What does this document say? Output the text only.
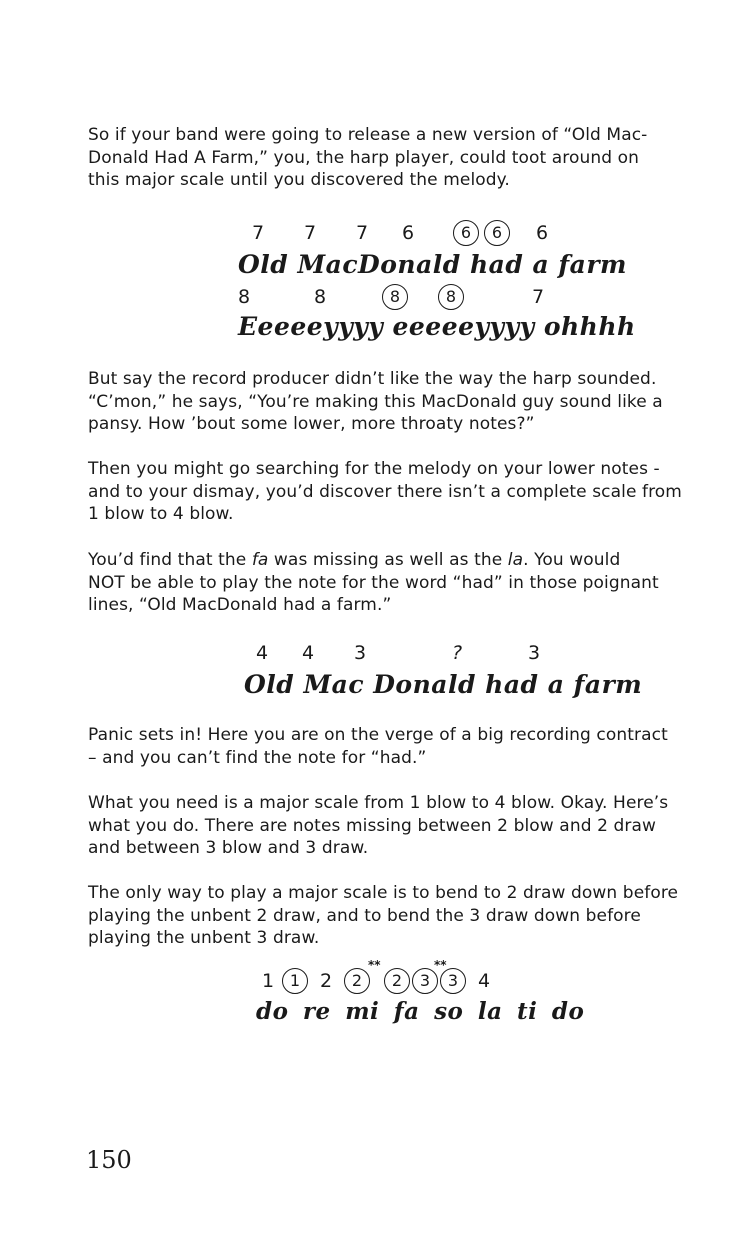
So if your band were going to release a new version of “Old Mac-
Donald Had A Farm,” you, the harp player, could toot around on
this major scale until you discovered the melody.
7 7 7 6	6	6	6
Old MacDonald had a farm
8	8	8	8	7
Eeeeeyyyy eeeeeyyyy ohhhh
But say the record producer didn’t like the way the harp sounded.
“C’mon,” he says, “You’re making this MacDonald guy sound like a
pansy. How ’bout some lower, more throaty notes?”
Then you might go searching for the melody on your lower notes -
and to your dismay, you’d discover there isn’t a complete scale from
1 blow to 4 blow.
You’d find that the fa was missing as well as the la. You would
NOT be able to play the note for the word “had” in those poignant
lines, “Old MacDonald had a farm.”
4 4 3	?	3
Old Mac Donald had a farm
Panic sets in! Here you are on the verge of a big recording contract
– and you can’t find the note for “had.”
What you need is a major scale from 1 blow to 4 blow. Okay. Here’s
what you do. There are notes missing between 2 blow and 2 draw
and between 3 blow and 3 draw.
The only way to play a major scale is to bend to 2 draw down before
playing the unbent 2 draw, and to bend the 3 draw down before
playing the unbent 3 draw.
1 1	2	2
**
2	3
**
3	4
do re mi fa so la ti do
150
